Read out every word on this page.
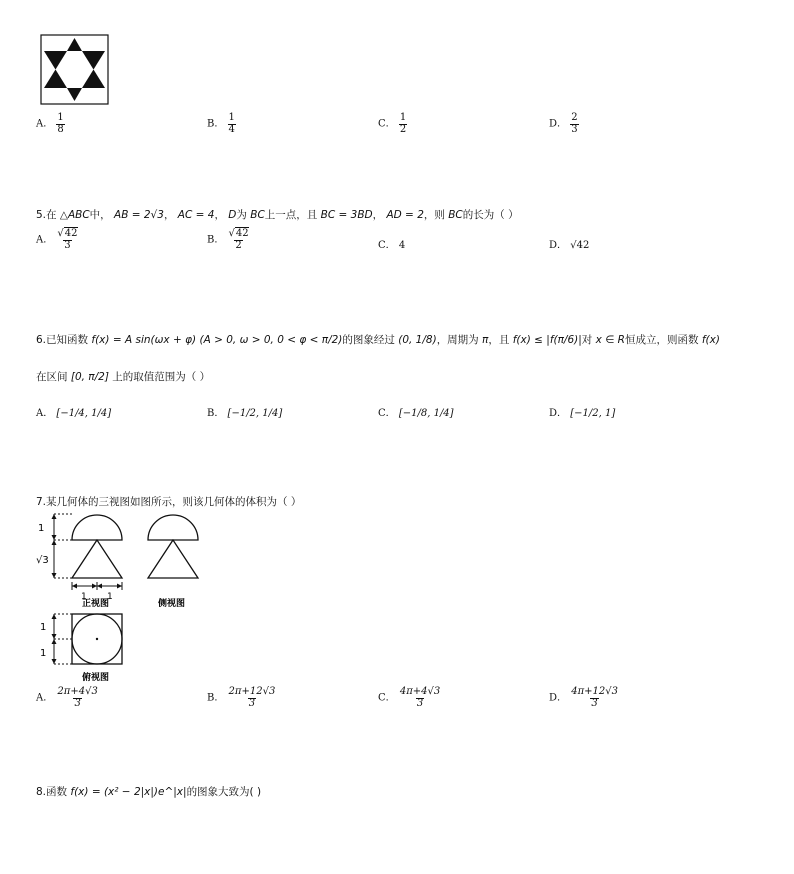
A． $\frac{1}{8}$	B． $\frac{1}{4}$	C． $\frac{1}{2}$	D． $\frac{2}{3}$
5.在 △ABC中， AB = 2√3， AC = 4， D为 BC上一点，且 BC = 3BD， AD = 2，则 BC的长为（ ）
A． $\frac{√42}{3}$	B． $\frac{√42}{2}$	C． 4	D． √42
6.已知函数 f(x) = A sin(ωx + φ) (A > 0, ω > 0, 0 < φ < π/2)的图象经过 (0, 1/8)，周期为 π，且 f(x) ≤ |f(π/6)|对 x ∈ R恒成立，则函数 f(x)
在区间 [0, π/2] 上的取值范围为（ ）
A． [−1/4, 1/4]	B． [−1/2, 1/4]	C． [−1/8, 1/4]	D． [−1/2, 1]
7.某几何体的三视图如图所示，则该几何体的体积为（ ）
1
√3
1 1
正视图	侧视图
1
1
俯视图
A． $\frac{2\pi+4√3}{3}$	B． $\frac{2\pi+12√3}{3}$	C． $\frac{4\pi+4√3}{3}$	D． $\frac{4\pi+12√3}{3}$
8.函数 f(x) = (x² − 2|x|)e^|x|的图象大致为( )
